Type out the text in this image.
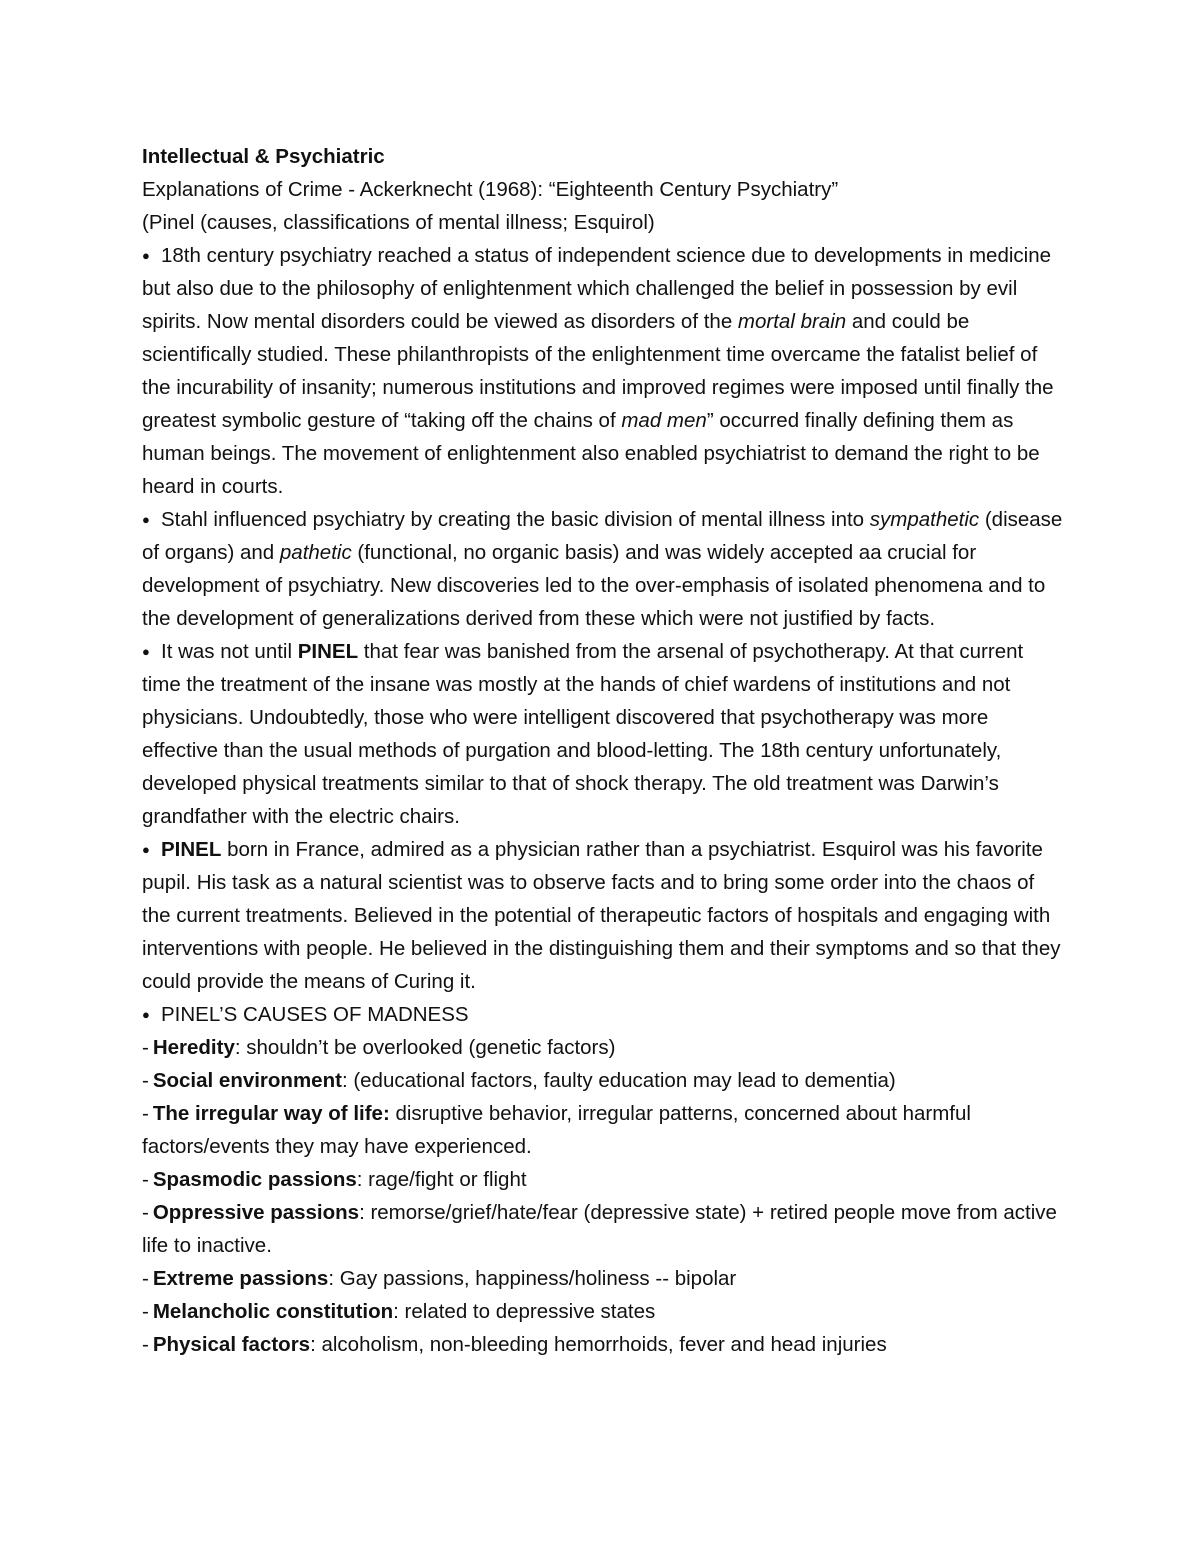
Intellectual & Psychiatric

Explanations of Crime - Ackerknecht (1968): “Eighteenth Century Psychiatry”

(Pinel (causes, classifications of mental illness; Esquirol)

● 18th century psychiatry reached a status of independent science due to developments in medicine but also due to the philosophy of enlightenment which challenged the belief in possession by evil spirits. Now mental disorders could be viewed as disorders of the mortal brain and could be scientifically studied. These philanthropists of the enlightenment time overcame the fatalist belief of the incurability of insanity; numerous institutions and improved regimes were imposed until finally the greatest symbolic gesture of “taking off the chains of mad men” occurred finally defining them as human beings. The movement of enlightenment also enabled psychiatrist to demand the right to be heard in courts.

● Stahl influenced psychiatry by creating the basic division of mental illness into sympathetic (disease of organs) and pathetic (functional, no organic basis) and was widely accepted aa crucial for development of psychiatry. New discoveries led to the over-emphasis of isolated phenomena and to the development of generalizations derived from these which were not justified by facts.

● It was not until PINEL that fear was banished from the arsenal of psychotherapy. At that current time the treatment of the insane was mostly at the hands of chief wardens of institutions and not physicians. Undoubtedly, those who were intelligent discovered that psychotherapy was more effective than the usual methods of purgation and blood-letting. The 18th century unfortunately, developed physical treatments similar to that of shock therapy. The old treatment was Darwin’s grandfather with the electric chairs.

● PINEL born in France, admired as a physician rather than a psychiatrist. Esquirol was his favorite pupil. His task as a natural scientist was to observe facts and to bring some order into the chaos of the current treatments. Believed in the potential of therapeutic factors of hospitals and engaging with interventions with people. He believed in the distinguishing them and their symptoms and so that they could provide the means of Curing it.

● PINEL’S CAUSES OF MADNESS

- Heredity: shouldn’t be overlooked (genetic factors)

- Social environment: (educational factors, faulty education may lead to dementia)

- The irregular way of life: disruptive behavior, irregular patterns, concerned about harmful factors/events they may have experienced.

- Spasmodic passions: rage/fight or flight

- Oppressive passions: remorse/grief/hate/fear (depressive state) + retired people move from active life to inactive.

- Extreme passions: Gay passions, happiness/holiness -- bipolar

- Melancholic constitution: related to depressive states

- Physical factors: alcoholism, non-bleeding hemorrhoids, fever and head injuries
